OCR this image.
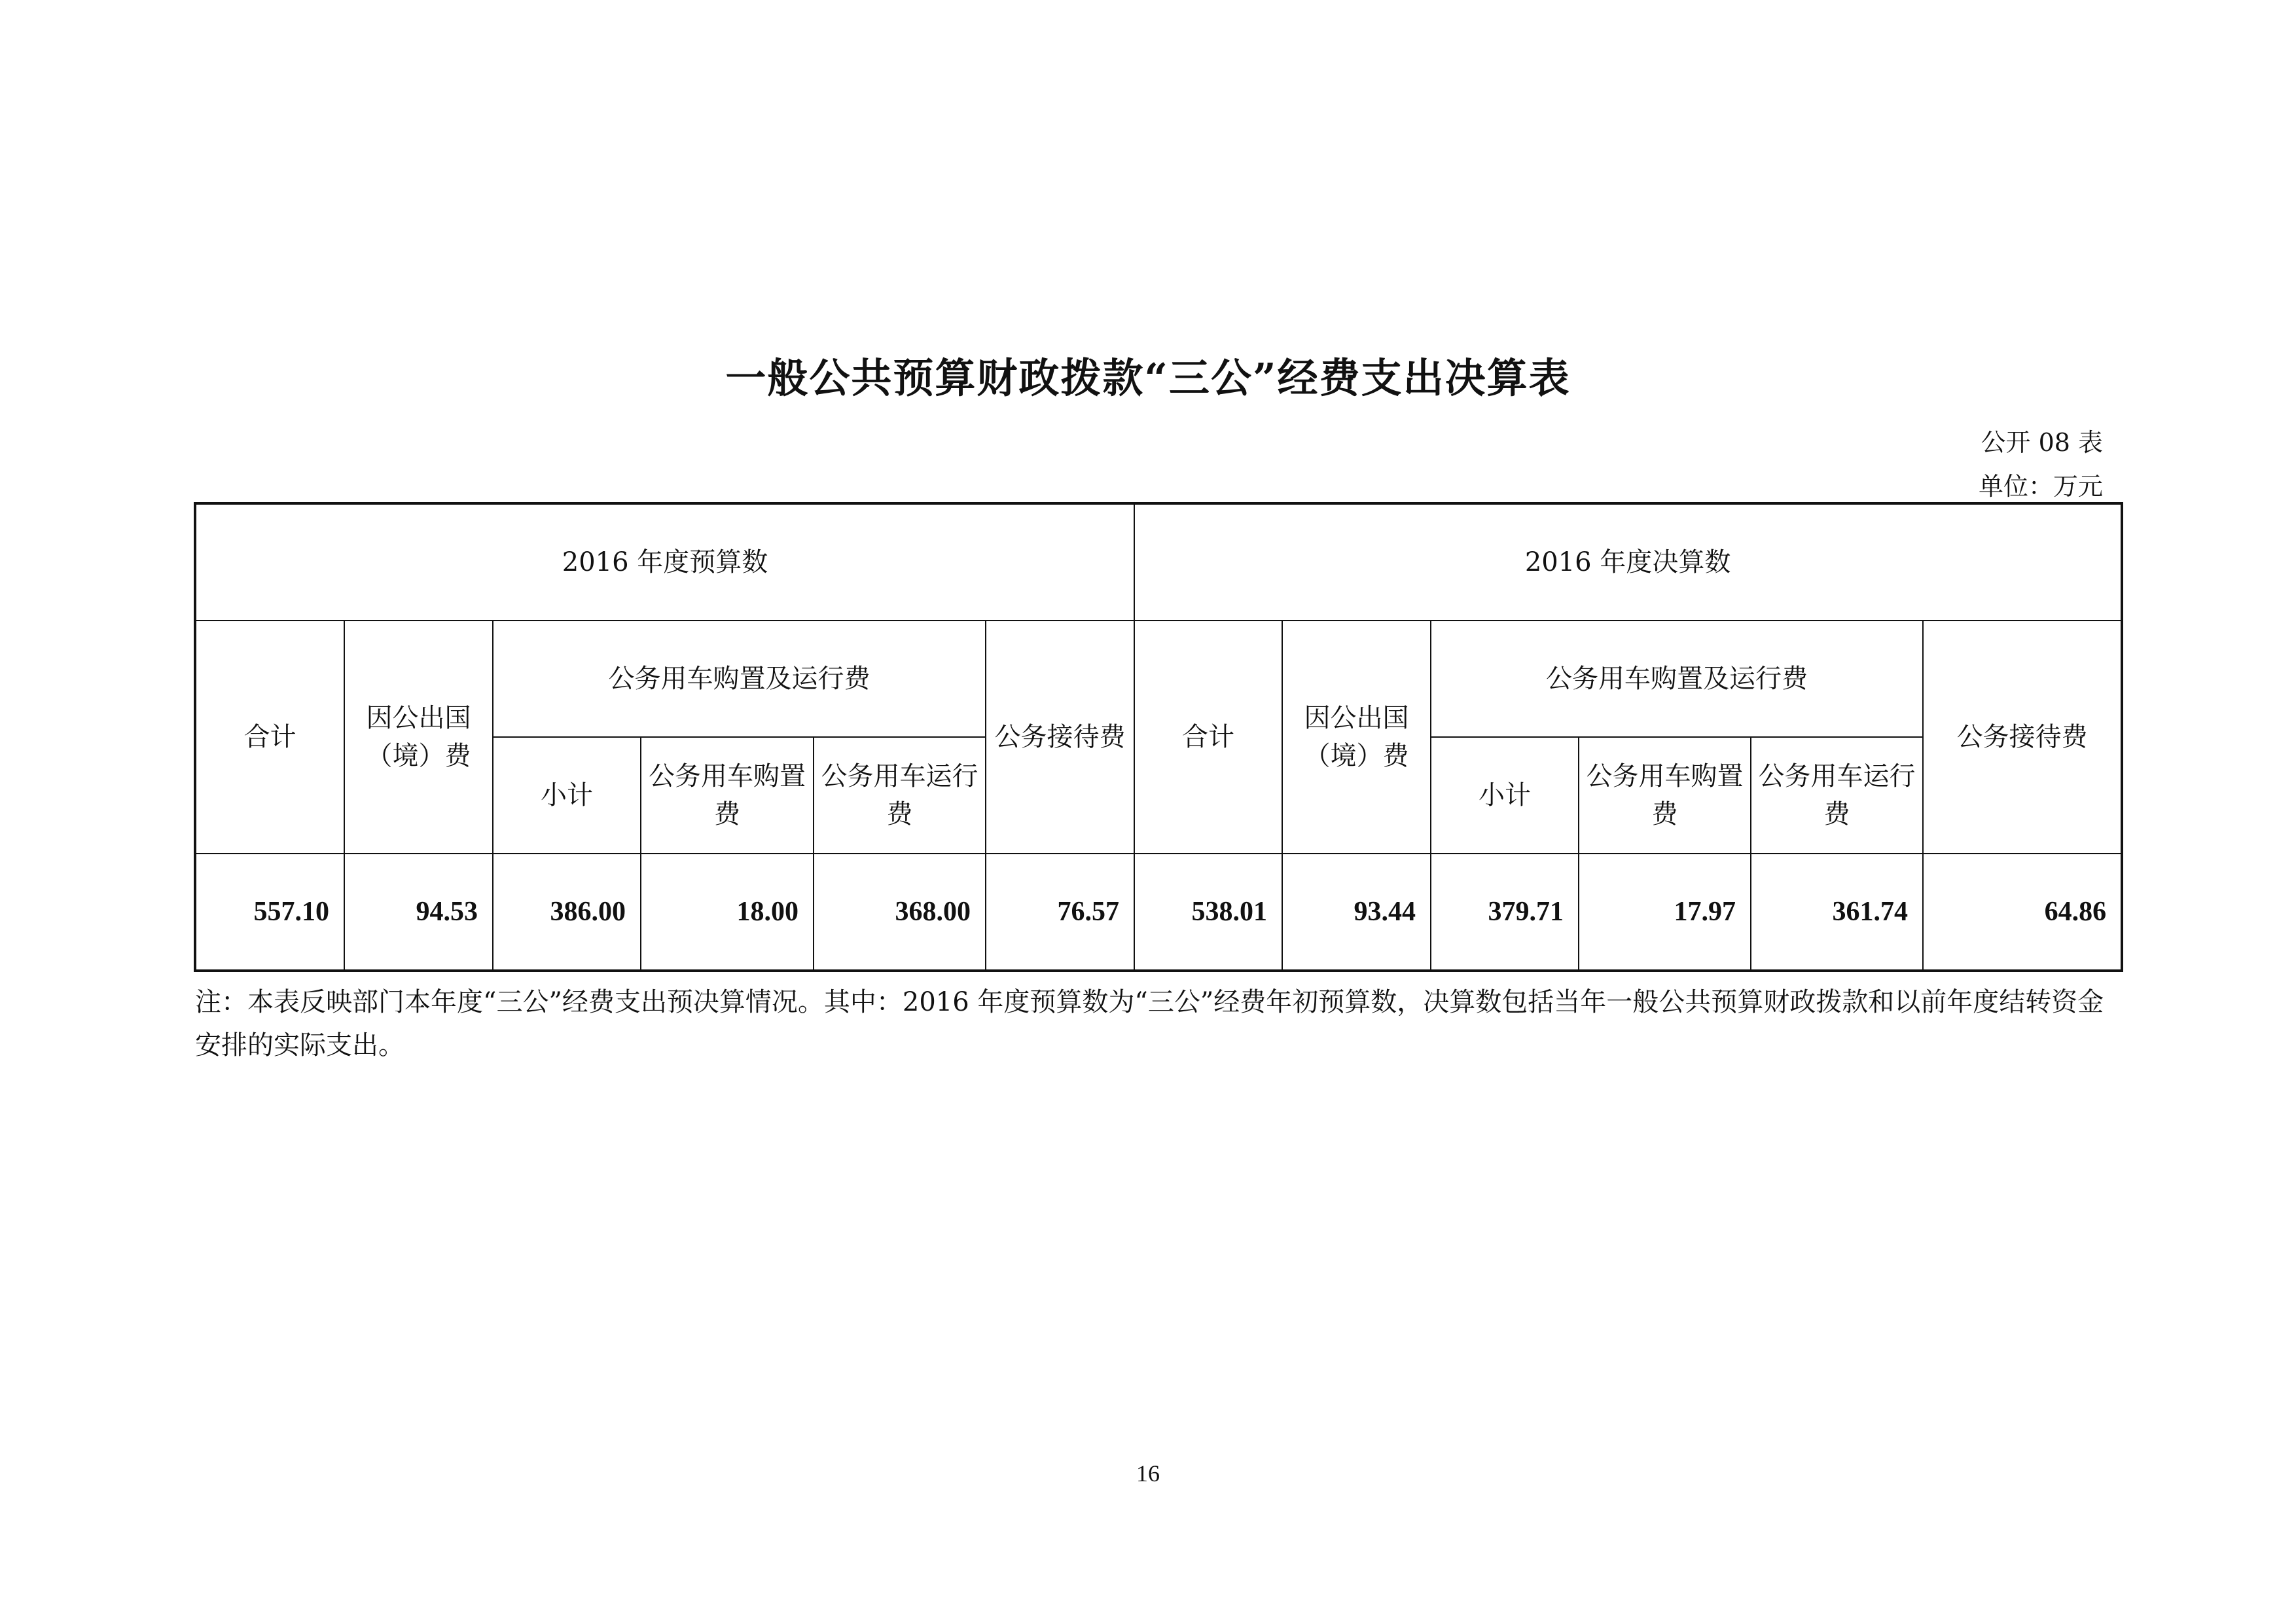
一般公共预算财政拨款“三公”经费支出决算表
公开 08 表
单位：万元
2016 年度预算数						2016 年度决算数					
合计	因公出国（境）费	公务用车购置及运行费			公务接待费	合计	因公出国（境）费	公务用车购置及运行费			公务接待费
		小计	公务用车购置费	公务用车运行费				小计	公务用车购置费	公务用车运行费	
557.10	94.53	386.00	18.00	368.00	76.57	538.01	93.44	379.71	17.97	361.74	64.86
注：本表反映部门本年度“三公”经费支出预决算情况。其中：2016 年度预算数为“三公”经费年初预算数，决算数包括当年一般公共预算财政拨款和以前年度结转资金安排的实际支出。
16
